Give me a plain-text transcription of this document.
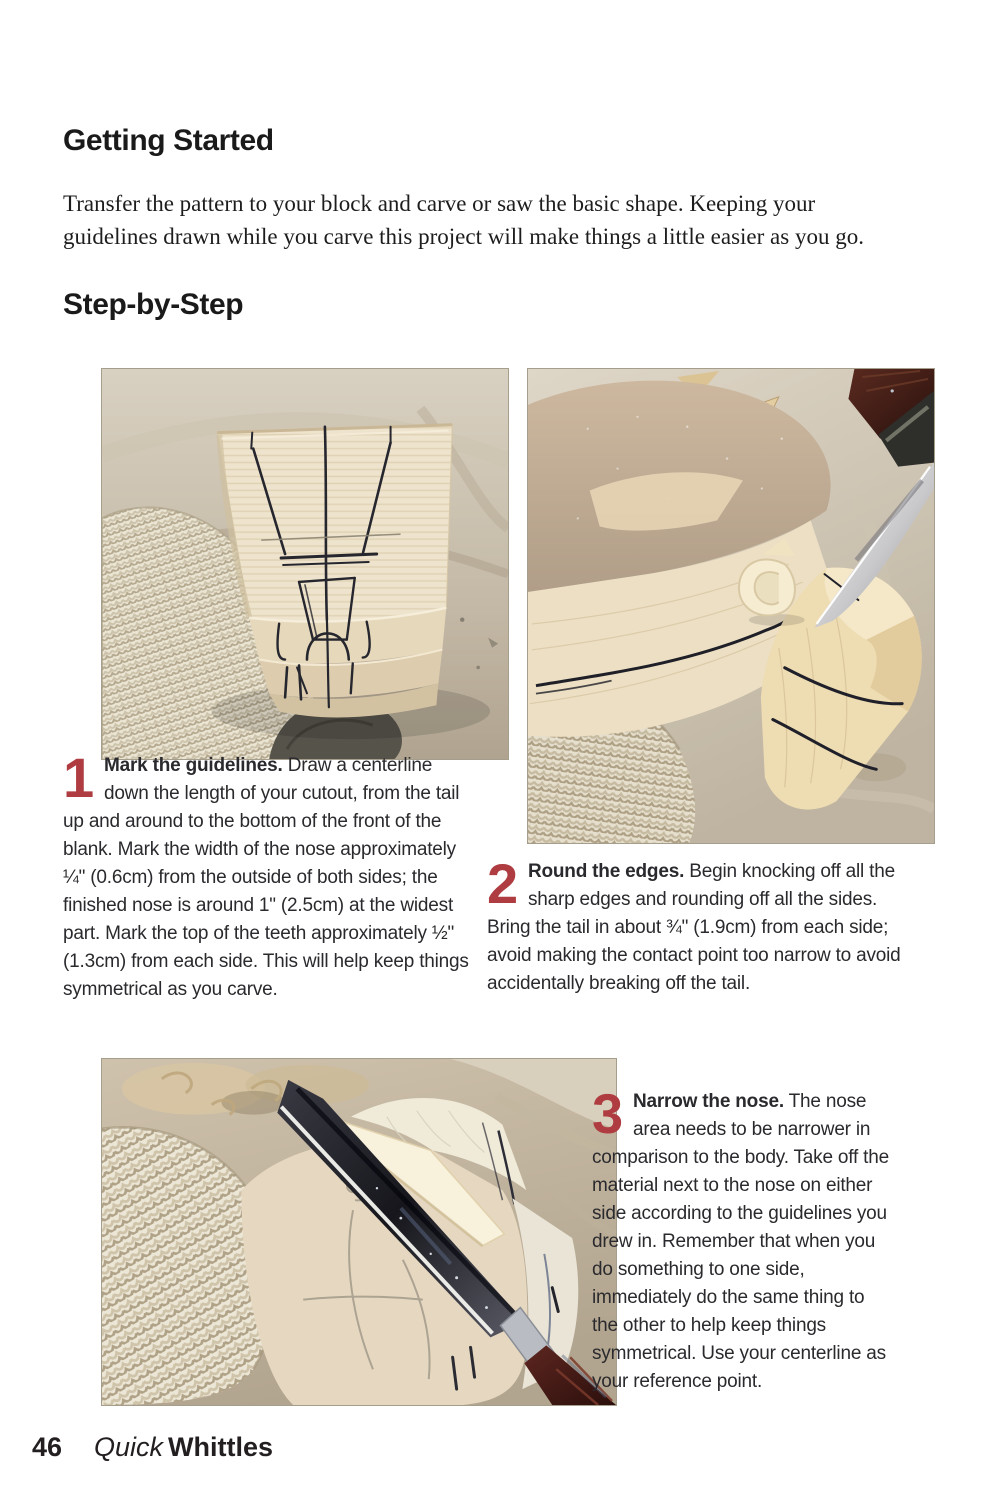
Getting Started

Transfer the pattern to your block and carve or saw the basic shape. Keeping your guidelines drawn while you carve this project will make things a little easier as you go.

Step-by-Step
1 Mark the guidelines. Draw a centerline down the length of your cutout, from the tail up and around to the bottom of the front of the blank. Mark the width of the nose approximately ¼" (0.6cm) from the outside of both sides; the finished nose is around 1" (2.5cm) at the widest part. Mark the top of the teeth approximately ½" (1.3cm) from each side. This will help keep things symmetrical as you carve.
2 Round the edges. Begin knocking off all the sharp edges and rounding off all the sides. Bring the tail in about ¾" (1.9cm) from each side; avoid making the contact point too narrow to avoid accidentally breaking off the tail.
3 Narrow the nose. The nose area needs to be narrower in comparison to the body. Take off the material next to the nose on either side according to the guidelines you drew in. Remember that when you do something to one side, immediately do the same thing to the other to help keep things symmetrical. Use your centerline as your reference point.
46 Quick Whittles
